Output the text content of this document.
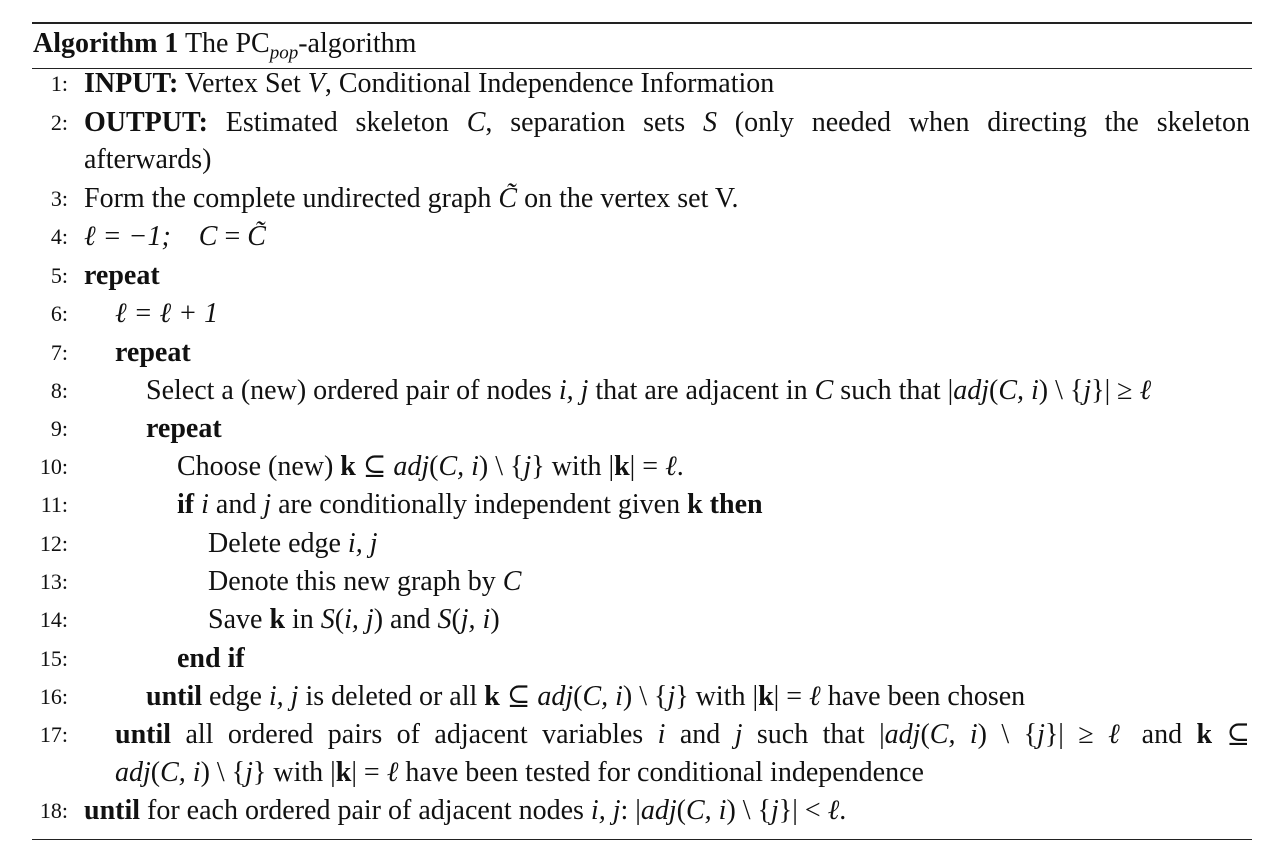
Algorithm 1 The $PC_{pop}$-algorithm
1: INPUT: Vertex Set V, Conditional Independence Information
2: OUTPUT: Estimated skeleton C, separation sets S (only needed when directing the skeleton
afterwards)
3: Form the complete undirected graph C̃ on the vertex set V.
4: ℓ = −1;    C = C̃
5: repeat
6: ℓ = ℓ + 1
7: repeat
8:	Select a (new) ordered pair of nodes i, j that are adjacent in C such that |adj(C, i) \ {j}| ≥ ℓ
9:	repeat
10:	Choose (new) k ⊆ adj(C, i) \ {j} with |k| = ℓ.
11:	if i and j are conditionally independent given k then
12:	Delete edge i, j
13:	Denote this new graph by C
14:	Save k in S(i, j) and S(j, i)
15:	end if
16:	until edge i, j is deleted or all k ⊆ adj(C, i) \ {j} with |k| = ℓ have been chosen
17: until all ordered pairs of adjacent variables i and j such that |adj(C, i) \ {j}| ≥ ℓ and k ⊆
adj(C, i) \ {j} with |k| = ℓ have been tested for conditional independence
18: until for each ordered pair of adjacent nodes i, j: |adj(C, i) \ {j}| < ℓ.
